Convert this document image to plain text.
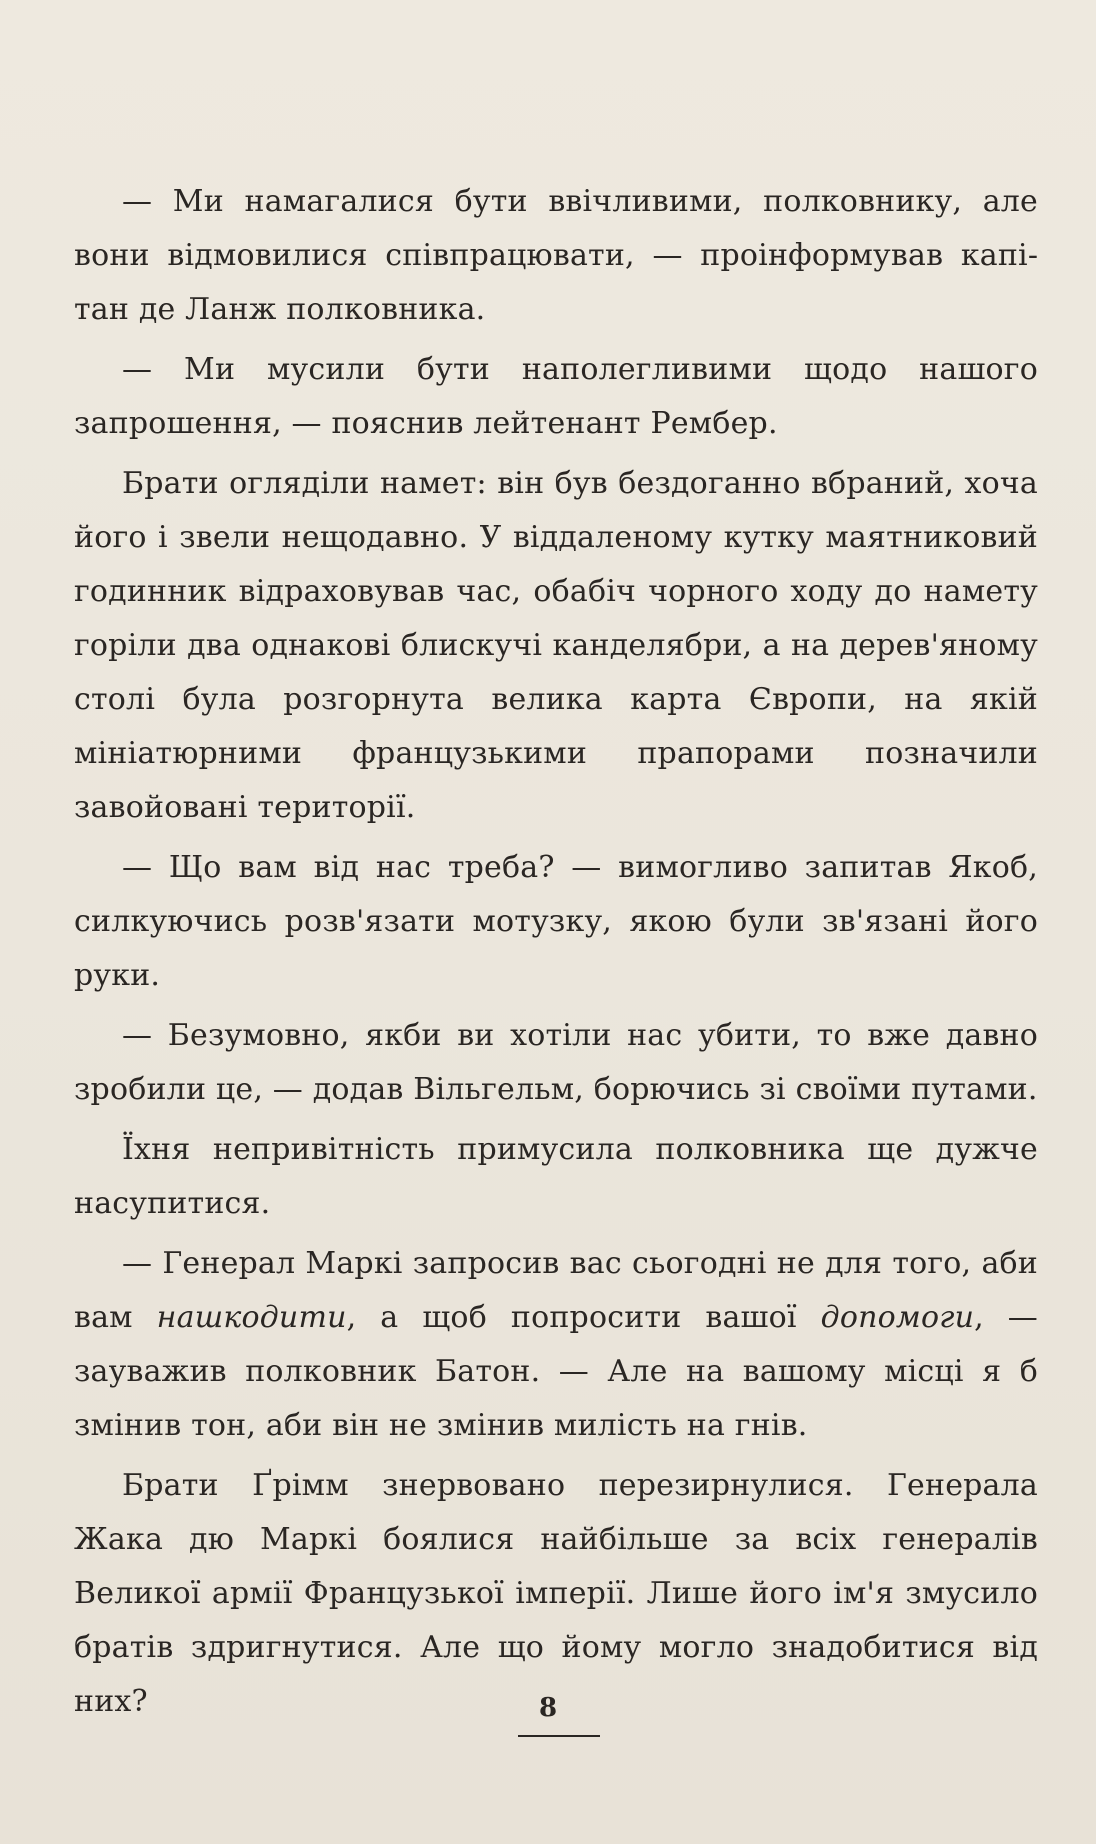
— Ми намагалися бути ввічливими, полковнику, але вони відмовилися співпрацювати, — проінформував капітан де Ланж полковника.

— Ми мусили бути наполегливими щодо нашого запрошення, — пояснив лейтенант Рембер.

Брати огляділи намет: він був бездоганно вбраний, хоча його і звели нещодавно. У віддаленому кутку маятниковий годинник відраховував час, обабіч чорного ходу до намету горіли два однакові блискучі канделябри, а на дерев'яному столі була розгорнута велика карта Європи, на якій мініатюрними французькими прапорами позначили завойовані території.

— Що вам від нас треба? — вимогливо запитав Якоб, силкуючись розв'язати мотузку, якою були зв'язані його руки.

— Безумовно, якби ви хотіли нас убити, то вже давно зробили це, — додав Вільгельм, борючись зі своїми путами.

Їхня непривітність примусила полковника ще дужче насупитися.

— Генерал Маркі запросив вас сьогодні не для того, аби вам нашкодити, а щоб попросити вашої допомоги, — зауважив полковник Батон. — Але на вашому місці я б змінив тон, аби він не змінив милість на гнів.

Брати Ґрімм знервовано перезирнулися. Генерала Жака дю Маркі боялися найбільше за всіх генералів Великої армії Французької імперії. Лише його ім'я змусило братів здригнутися. Але що йому могло знадобитися від них?	8
